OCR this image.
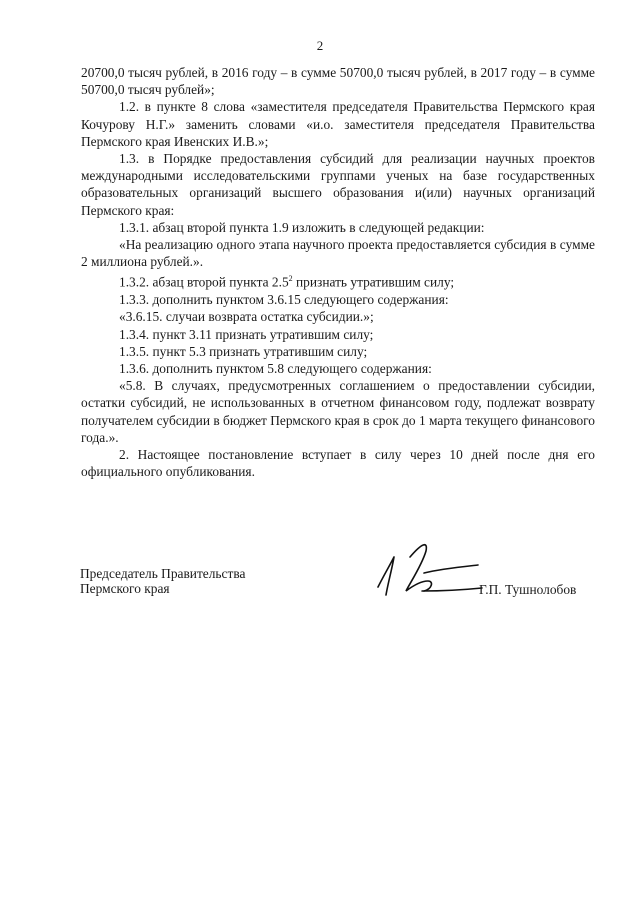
2

20700,0 тысяч рублей, в 2016 году – в сумме 50700,0 тысяч рублей, в 2017 году – в сумме 50700,0 тысяч рублей»;

1.2. в пункте 8 слова «заместителя председателя Правительства Пермского края Кочурову Н.Г.» заменить словами «и.о. заместителя председателя Правительства Пермского края Ивенских И.В.»;

1.3. в Порядке предоставления субсидий для реализации научных проектов международными исследовательскими группами ученых на базе государственных образовательных организаций высшего образования и(или) научных организаций Пермского края:

1.3.1. абзац второй пункта 1.9 изложить в следующей редакции:

«На реализацию одного этапа научного проекта предоставляется субсидия в сумме 2 миллиона рублей.».

1.3.2. абзац второй пункта $2.5^2$ признать утратившим силу;

1.3.3. дополнить пунктом 3.6.15 следующего содержания:

«3.6.15. случаи возврата остатка субсидии.»;

1.3.4. пункт 3.11 признать утратившим силу;

1.3.5. пункт 5.3 признать утратившим силу;

1.3.6. дополнить пунктом 5.8 следующего содержания:

«5.8. В случаях, предусмотренных соглашением о предоставлении субсидии, остатки субсидий, не использованных в отчетном финансовом году, подлежат возврату получателем субсидии в бюджет Пермского края в срок до 1 марта текущего финансового года.».

2. Настоящее постановление вступает в силу через 10 дней после дня его официального опубликования.

Председатель Правительства
Пермского края	Г.П. Тушнолобов
